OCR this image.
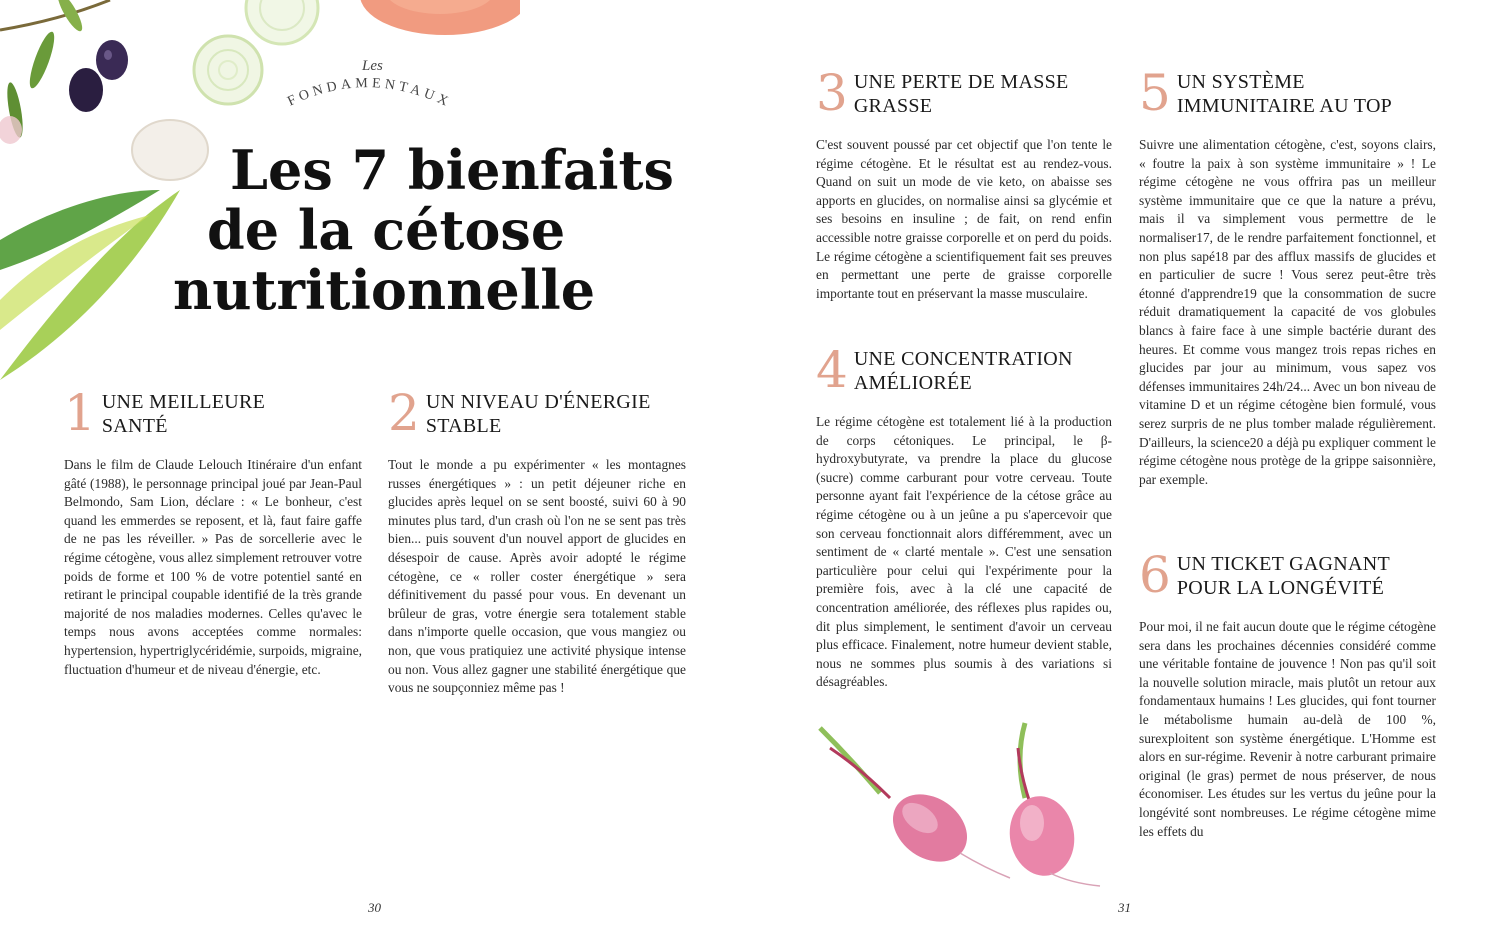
Les
FONDAMENTAUX
Les 7 bienfaits
de la cétose
nutritionnelle
1 UNE MEILLEURE SANTÉ
Dans le film de Claude Lelouch Itinéraire d'un enfant gâté (1988), le personnage principal joué par Jean-Paul Belmondo, Sam Lion, déclare : « Le bonheur, c'est quand les emmerdes se reposent, et là, faut faire gaffe de ne pas les réveiller. » Pas de sorcellerie avec le régime cétogène, vous allez simplement retrouver votre poids de forme et 100 % de votre potentiel santé en retirant le principal coupable identifié de la très grande majorité de nos maladies modernes. Celles qu'avec le temps nous avons acceptées comme normales: hypertension, hypertriglycéridémie, surpoids, migraine, fluctuation d'humeur et de niveau d'énergie, etc.
2 UN NIVEAU D'ÉNERGIE STABLE
Tout le monde a pu expérimenter « les montagnes russes énergétiques » : un petit déjeuner riche en glucides après lequel on se sent boosté, suivi 60 à 90 minutes plus tard, d'un crash où l'on ne se sent pas très bien... puis souvent d'un nouvel apport de glucides en désespoir de cause. Après avoir adopté le régime cétogène, ce « roller coster énergétique » sera définitivement du passé pour vous. En devenant un brûleur de gras, votre énergie sera totalement stable dans n'importe quelle occasion, que vous mangiez ou non, que vous pratiquiez une activité physique intense ou non. Vous allez gagner une stabilité énergétique que vous ne soupçonniez même pas !
30
3 UNE PERTE DE MASSE GRASSE
C'est souvent poussé par cet objectif que l'on tente le régime cétogène. Et le résultat est au rendez-vous. Quand on suit un mode de vie keto, on abaisse ses apports en glucides, on normalise ainsi sa glycémie et ses besoins en insuline ; de fait, on rend enfin accessible notre graisse corporelle et on perd du poids. Le régime cétogène a scientifiquement fait ses preuves en permettant une perte de graisse corporelle importante tout en préservant la masse musculaire.
4 UNE CONCENTRATION AMÉLIORÉE
Le régime cétogène est totalement lié à la production de corps cétoniques. Le principal, le β-hydroxybutyrate, va prendre la place du glucose (sucre) comme carburant pour votre cerveau. Toute personne ayant fait l'expérience de la cétose grâce au régime cétogène ou à un jeûne a pu s'apercevoir que son cerveau fonctionnait alors différemment, avec un sentiment de « clarté mentale ». C'est une sensation particulière pour celui qui l'expérimente pour la première fois, avec à la clé une capacité de concentration améliorée, des réflexes plus rapides ou, dit plus simplement, le sentiment d'avoir un cerveau plus efficace. Finalement, notre humeur devient stable, nous ne sommes plus soumis à des variations si désagréables.
5 UN SYSTÈME IMMUNITAIRE AU TOP
Suivre une alimentation cétogène, c'est, soyons clairs, « foutre la paix à son système immunitaire » ! Le régime cétogène ne vous offrira pas un meilleur système immunitaire que ce que la nature a prévu, mais il va simplement vous permettre de le normaliser17, de le rendre parfaitement fonctionnel, et non plus sapé18 par des afflux massifs de glucides et en particulier de sucre ! Vous serez peut-être très étonné d'apprendre19 que la consommation de sucre réduit dramatiquement la capacité de vos globules blancs à faire face à une simple bactérie durant des heures. Et comme vous mangez trois repas riches en glucides par jour au minimum, vous sapez vos défenses immunitaires 24h/24... Avec un bon niveau de vitamine D et un régime cétogène bien formulé, vous serez surpris de ne plus tomber malade régulièrement. D'ailleurs, la science20 a déjà pu expliquer comment le régime cétogène nous protège de la grippe saisonnière, par exemple.
6 UN TICKET GAGNANT POUR LA LONGÉVITÉ
Pour moi, il ne fait aucun doute que le régime cétogène sera dans les prochaines décennies considéré comme une véritable fontaine de jouvence ! Non pas qu'il soit la nouvelle solution miracle, mais plutôt un retour aux fondamentaux humains ! Les glucides, qui font tourner le métabolisme humain au-delà de 100 %, surexploitent son système énergétique. L'Homme est alors en sur-régime. Revenir à notre carburant primaire original (le gras) permet de nous préserver, de nous économiser. Les études sur les vertus du jeûne pour la longévité sont nombreuses. Le régime cétogène mime les effets du
31
